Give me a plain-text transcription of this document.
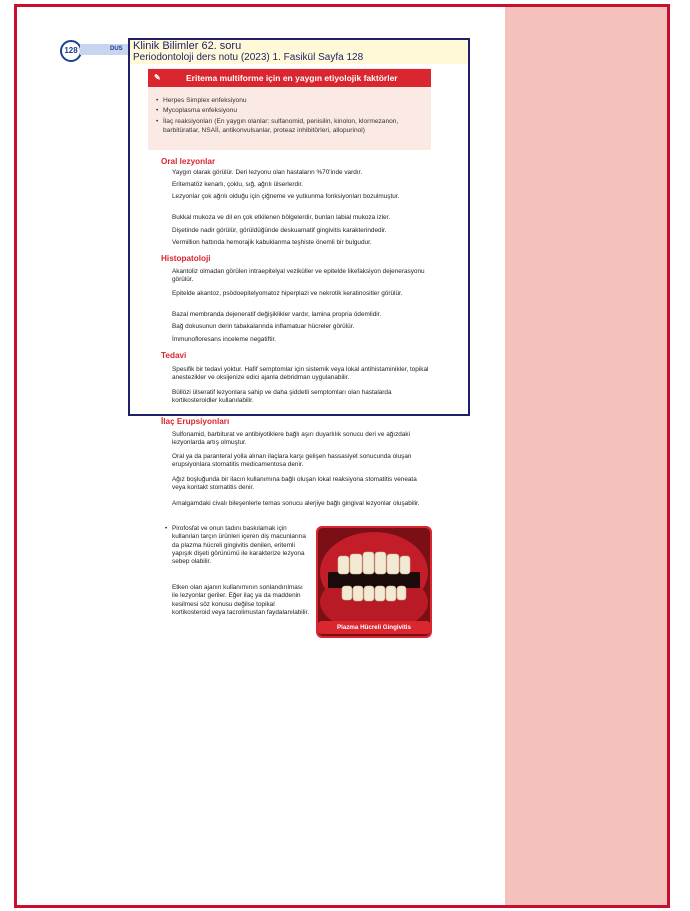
128	DUS
✎	Eritema multiforme için en yaygın etiyolojik faktörler
• Herpes Simplex enfeksiyonu
• Mycoplasma enfeksiyonu
• İlaç reaksiyonları (En yaygın olanlar: sulfanomid, penisilin, kinolon, klormezanon, barbitüratlar, NSAİİ, antikonvulsanlar, proteaz inhibitörleri, allopurinol)
Oral lezyonlar
Yaygın olarak görülür. Deri lezyonu olan hastaların %70'inde vardır.
Eritematöz kenarlı, çoklu, sığ, ağrılı ülserlerdir.
Lezyonlar çok ağrılı olduğu için çiğneme ve yutkunma fonksiyonları bozulmuştur.
Bukkal mukoza ve dil en çok etkilenen bölgelerdir, bunları labial mukoza izler.
Dişetinde nadir görülür, görüldüğünde deskuamatif gingivitis karakterindedir.
Vermillion hattında hemorajik kabuklanma teşhiste önemli bir bulgudur.
Histopatoloji
Akantoliz olmadan görülen intraepitelyal veziküller ve epitelde likefaksiyon dejenerasyonu görülür.
Epitelde akantoz, psödoepitelyomatoz hiperplazi ve nekrotik keratinositler görülür.
Bazal membranda dejeneratif değişiklikler vardır, lamina propria ödemlidir.
Bağ dokusunun derin tabakalarında inflamatuar hücreler görülür.
İmmunofloresans inceleme negatiftir.
Tedavi
Spesifik bir tedavi yoktur. Hafif semptomlar için sistemik veya lokal antihistaminikler, topikal anestezikler ve oksijenize edici ajanla debridman uygulanabilir.
Büllözi ülseratif lezyonlara sahip ve daha şiddetli semptomları olan hastalarda kortikosteroidler kullanılabilir.
Klinik Bilimler 62. soru
Periodontoloji ders notu (2023) 1. Fasikül Sayfa 128
İlaç Erupsiyonları
Sulfonamid, barbiturat ve antibiyotiklere bağlı aşırı duyarlılık sonucu deri ve ağızdaki lezyonlarda artış olmuştur.
Oral ya da paranteral yolla alınan ilaçlara karşı gelişen hassasiyet sonucunda oluşan erupsiyonlara stomatitis medicamentosa denir.
Ağız boşluğunda bir ilacın kullanımına bağlı oluşan lokal reaksiyona stomatitis veneata veya kontakt stomatitis denir.
Amalgamdaki civalı bileşenlerle temas sonucu alerjiye bağlı gingival lezyonlar oluşabilir.
• Pirofosfat ve onun tadını baskılamak için kullanılan tarçın ürünleri içeren diş macunlarına da plazma hücreli gingivitis denilen, eritemli yapışık dişeti görünümü ile karakterize lezyona sebep olabilir.
Etken olan ajanın kullanımının sonlandırılması ile lezyonlar geriler. Eğer ilaç ya da maddenin kesilmesi söz konusu değilse topikal kortikosteroid veya tacrolimustan faydalanılabilir.
Plazma Hücreli Gingivitis
